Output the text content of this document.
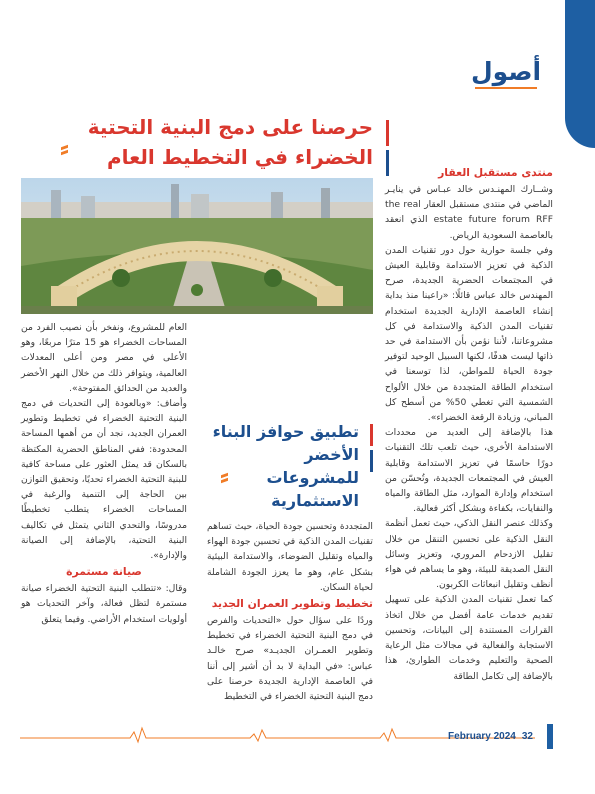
أصول
حرصنا على دمج البنية التحتية الخضراء في التخطيط العام
منتدى مستقبل العقار

وشــارك المهنـدس خالد عبـاس في ينايـر الماضي في منتدى مستقبل العقار the real estate future forum RFF الذي انعقد بالعاصمة السعودية الرياض.

وفي جلسة حوارية حول دور تقنيات المدن الذكية في تعزيز الاستدامة وقابلية العيش في المجتمعات الحضرية الجديدة، صرح المهندس خالد عباس قائلًا: «راعينا منذ بداية إنشاء العاصمة الإدارية الجديدة استخدام تقنيات المدن الذكية والاستدامة في كل مشروعاتنا، لأننا نؤمن بأن الاستدامة في حد ذاتها ليست هدفًا، لكنها السبيل الوحيد لتوفير جودة الحياة للمواطن، لذا توسعنا في استخدام الطاقة المتجددة من خلال الألواح الشمسية التي تغطي 50% من أسطح كل المباني، وزيادة الرقعة الخضراء».

هذا بالإضافة إلى العديد من محددات الاستدامة الأخرى، حيث تلعب تلك التقنيات دورًا حاسمًا في تعزيز الاستدامة وقابلية العيش في المجتمعات الجديدة، وتُحسّن من استخدام وإدارة الموارد، مثل الطاقة والمياه والنفايات، بكفاءة وبشكل أكثر فعالية.

وكذلك عنصر النقل الذكي، حيث تعمل أنظمة النقل الذكية على تحسين التنقل من خلال تقليل الازدحام المروري، وتعزيز وسائل النقل الصديقة للبيئة، وهو ما يساهم في هواء أنظف وتقليل انبعاثات الكربون.

كما تعمل تقنيات المدن الذكية على تسهيل تقديم خدمات عامة أفضل من خلال اتخاذ القرارات المستندة إلى البيانات، وتحسين الاستجابة والفعالية في مجالات مثل الرعاية الصحية والتعليم وخدمات الطوارئ، هذا بالإضافة إلى تكامل الطاقة

تطبيق حوافز البناء الأخضر للمشروعات الاستثمارية

المتجددة وتحسين جودة الحياة، حيث تساهم تقنيات المدن الذكية في تحسين جودة الهواء والمياه وتقليل الضوضاء، والاستدامة البيئية بشكل عام، وهو ما يعزز الجودة الشاملة لحياة السكان.

تخطيط وتطوير العمران الجديد

وردًا على سؤال حول «التحديات والفرص في دمج البنية التحتية الخضراء في تخطيط وتطوير العمـران الجديـد» صرح خالـد عباس: «في البداية لا بد أن أشير إلى أننا في العاصمة الإدارية الجديدة حرصنا على دمج البنية التحتية الخضراء في التخطيط

العام للمشروع، ونفخر بأن نصيب الفرد من المساحات الخضراء هو 15 مترًا مربعًا، وهو الأعلى في مصر ومن أعلى المعدلات العالمية، ويتوافر ذلك من خلال النهر الأخضر والعديد من الحدائق المفتوحة».

وأضاف: «وبالعودة إلى التحديات في دمج البنية التحتية الخضراء في تخطيط وتطوير العمران الجديد، نجد أن من أهمها المساحة المحدودة: ففي المناطق الحضرية المكتظة بالسكان قد يمثل العثور على مساحة كافية للبنية التحتية الخضراء تحديًا، وتحقيق التوازن بين الحاجة إلى التنمية والرغبة في المساحات الخضراء يتطلب تخطيطًا مدروسًا، والتحدي الثاني يتمثل في تكاليف البنية التحتية، بالإضافة إلى الصيانة والإدارة».

صيانة مستمرة

وقال: «تتطلب البنية التحتية الخضراء صيانة مستمرة لتظل فعالة، وآخر التحديات هو أولويات استخدام الأراضي. وفيما يتعلق

February 2024 32
